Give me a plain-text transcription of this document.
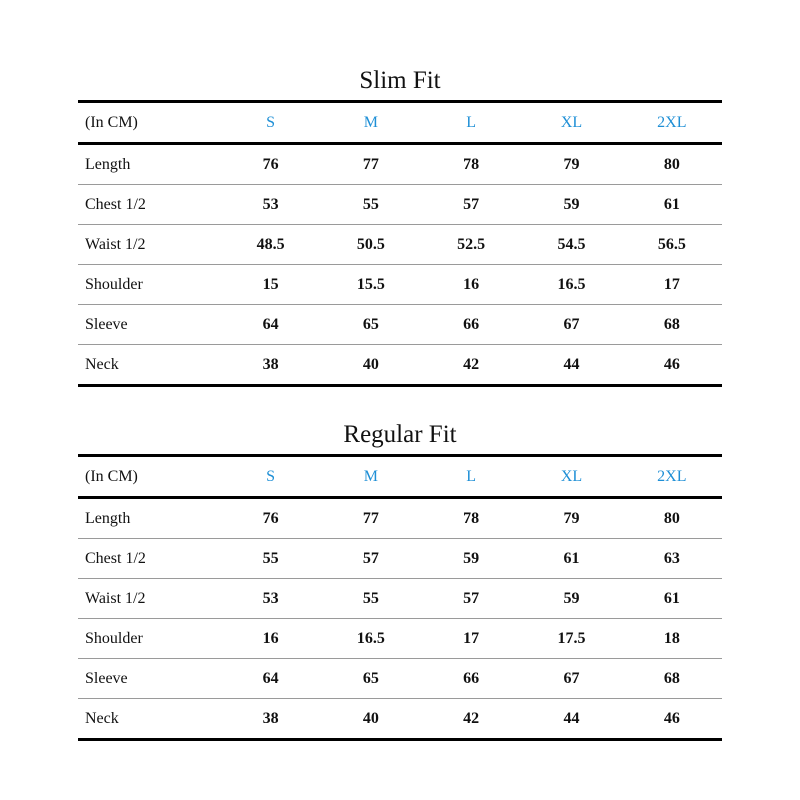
Slim Fit
(In CM)	S	M	L	XL	2XL
Length	76	77	78	79	80
Chest 1/2	53	55	57	59	61
Waist 1/2	48.5	50.5	52.5	54.5	56.5
Shoulder	15	15.5	16	16.5	17
Sleeve	64	65	66	67	68
Neck	38	40	42	44	46
Regular Fit
(In CM)	S	M	L	XL	2XL
Length	76	77	78	79	80
Chest 1/2	55	57	59	61	63
Waist 1/2	53	55	57	59	61
Shoulder	16	16.5	17	17.5	18
Sleeve	64	65	66	67	68
Neck	38	40	42	44	46
